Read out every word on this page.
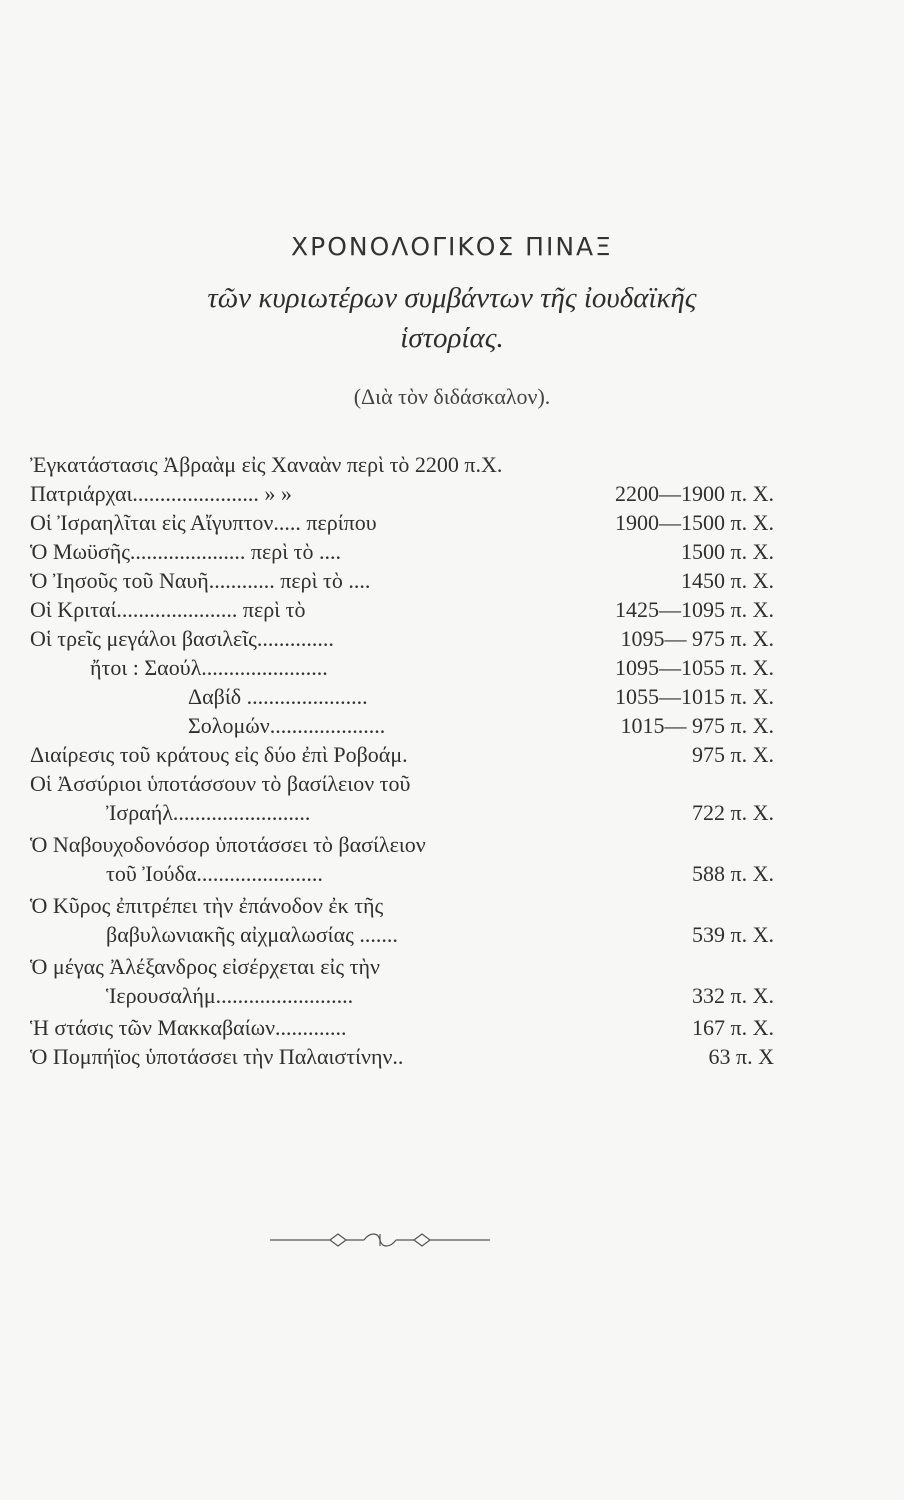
ΧΡΟΝΟΛΟΓΙΚΟΣ ΠΙΝΑΞ
τῶν κυριωτέρων συμβάντων τῆς ἰουδαϊκῆς
ἱστορίας.
(Διὰ τὸν διδάσκαλον).
Ἐγκατάστασις Ἀβραὰμ εἰς Χαναὰν περὶ τὸ 2200 π.Χ.
Πατριάρχαι....................... » »	2200—1900 π. Χ.
Οἱ Ἰσραηλῖται εἰς Αἴγυπτον..... περίπου	1900—1500 π. Χ.
Ὁ Μωϋσῆς..................... περὶ τὸ ....	1500 π. Χ.
Ὁ Ἰησοῦς τοῦ Ναυῆ............ περὶ τὸ ....	1450 π. Χ.
Οἱ Κριταί...................... περὶ τὸ	1425—1095 π. Χ.
Οἱ τρεῖς μεγάλοι βασιλεῖς..............	1095— 975 π. Χ.
ἤτοι : Σαούλ.......................	1095—1055 π. Χ.
Δαβίδ ......................	1055—1015 π. Χ.
Σολομών.....................	1015— 975 π. Χ.
Διαίρεσις τοῦ κράτους εἰς δύο ἐπὶ Ροβοάμ.	975 π. Χ.
Οἱ Ἀσσύριοι ὑποτάσσουν τὸ βασίλειον τοῦ
Ἰσραήλ.........................	722 π. Χ.
Ὁ Ναβουχοδονόσορ ὑποτάσσει τὸ βασίλειον
τοῦ Ἰούδα.......................	588 π. Χ.
Ὁ Κῦρος ἐπιτρέπει τὴν ἐπάνοδον ἐκ τῆς
βαβυλωνιακῆς αἰχμαλωσίας .......	539 π. Χ.
Ὁ μέγας Ἀλέξανδρος εἰσέρχεται εἰς τὴν
Ἱερουσαλήμ.........................	332 π. Χ.
Ἡ στάσις τῶν Μακκαβαίων.............	167 π. Χ.
Ὁ Πομπήϊος ὑποτάσσει τὴν Παλαιστίνην..	63 π. Χ
